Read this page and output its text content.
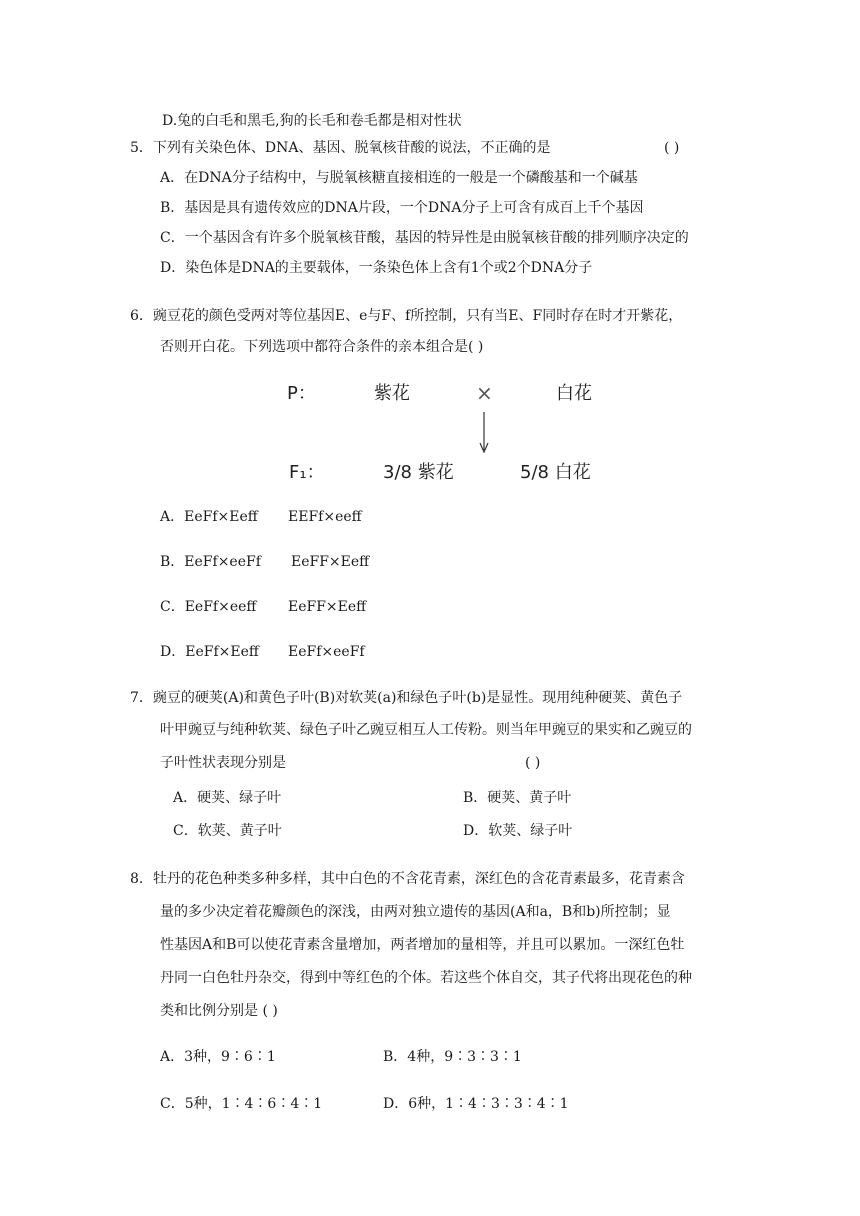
D.兔的白毛和黑毛,狗的长毛和卷毛都是相对性状
5．下列有关染色体、DNA、基因、脱氧核苷酸的说法，不正确的是	( )
A．在DNA分子结构中，与脱氧核糖直接相连的一般是一个磷酸基和一个碱基
B．基因是具有遗传效应的DNA片段，一个DNA分子上可含有成百上千个基因
C．一个基因含有许多个脱氧核苷酸，基因的特异性是由脱氧核苷酸的排列顺序决定的
D．染色体是DNA的主要载体，一条染色体上含有1个或2个DNA分子
6．豌豆花的颜色受两对等位基因E、e与F、f所控制，只有当E、F同时存在时才开紫花，
否则开白花。下列选项中都符合条件的亲本组合是( )
P：	紫花	×	白花
F₁：	3/8 紫花	5/8 白花
A．EeFf×Eeff EEFf×eeff
B．EeFf×eeFf EeFF×Eeff
C．EeFf×eeff EeFF×Eeff
D．EeFf×Eeff EeFf×eeFf
7．豌豆的硬荚(A)和黄色子叶(B)对软荚(a)和绿色子叶(b)是显性。现用纯种硬荚、黄色子
叶甲豌豆与纯种软荚、绿色子叶乙豌豆相互人工传粉。则当年甲豌豆的果实和乙豌豆的
子叶性状表现分别是	( )
A．硬荚、绿子叶	B．硬荚、黄子叶
C．软荚、黄子叶	D．软荚、绿子叶
8．牡丹的花色种类多种多样，其中白色的不含花青素，深红色的含花青素最多，花青素含
量的多少决定着花瓣颜色的深浅，由两对独立遗传的基因(A和a，B和b)所控制；显
性基因A和B可以使花青素含量增加，两者增加的量相等，并且可以累加。一深红色牡
丹同一白色牡丹杂交，得到中等红色的个体。若这些个体自交，其子代将出现花色的种
类和比例分别是 ( )
A．3种，9∶6∶1	B．4种，9∶3∶3∶1
C．5种，1∶4∶6∶4∶1	D．6种，1∶4∶3∶3∶4∶1
